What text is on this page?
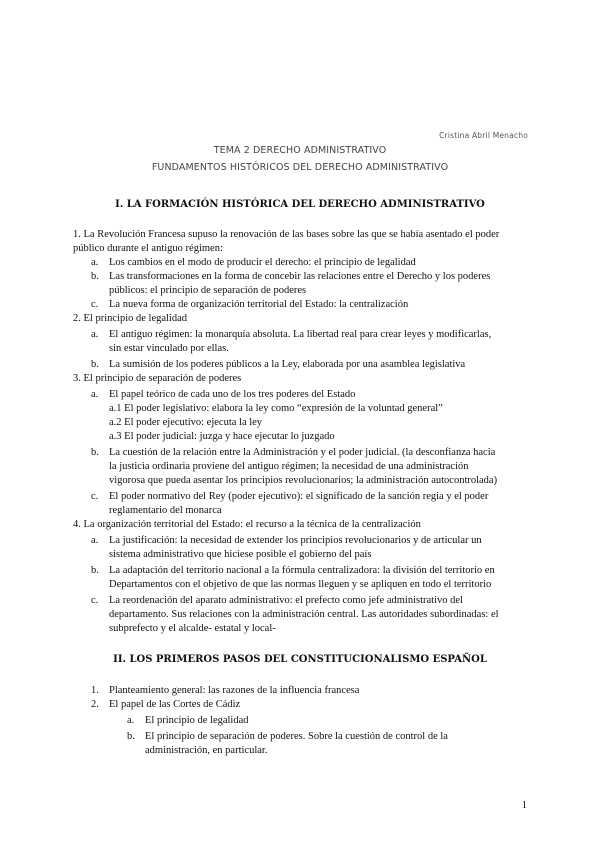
Cristina Abril Menacho
TEMA 2 DERECHO ADMINISTRATIVO
FUNDAMENTOS HISTÓRICOS DEL DERECHO ADMINISTRATIVO
I. LA FORMACIÓN HISTÓRICA DEL DERECHO ADMINISTRATIVO
1. La Revolución Francesa supuso la renovación de las bases sobre las que se había asentado el poder
público durante el antiguo régimen:
a. Los cambios en el modo de producir el derecho: el principio de legalidad
b. Las transformaciones en la forma de concebir las relaciones entre el Derecho y los poderes
públicos: el principio de separación de poderes
c. La nueva forma de organización territorial del Estado: la centralización
2. El principio de legalidad
a. El antiguo régimen: la monarquía absoluta. La libertad real para crear leyes y modificarlas,
sin estar vinculado por ellas.
b. La sumisión de los poderes públicos a la Ley, elaborada por una asamblea legislativa
3. El principio de separación de poderes
a. El papel teórico de cada uno de los tres poderes del Estado
a.1 El poder legislativo: elabora la ley como “expresión de la voluntad general”
a.2 El poder ejecutivo: ejecuta la ley
a.3 El poder judicial: juzga y hace ejecutar lo juzgado
b. La cuestión de la relación entre la Administración y el poder judicial. (la desconfianza hacia
la justicia ordinaria proviene del antiguo régimen; la necesidad de una administración
vigorosa que pueda asentar los principios revolucionarios; la administración autocontrolada)
c. El poder normativo del Rey (poder ejecutivo): el significado de la sanción regia y el poder
reglamentario del monarca
4. La organización territorial del Estado: el recurso a la técnica de la centralización
a. La justificación: la necesidad de extender los principios revolucionarios y de articular un
sistema administrativo que hiciese posible el gobierno del país
b. La adaptación del territorio nacional a la fórmula centralizadora: la división del territorio en
Departamentos con el objetivo de que las normas lleguen y se apliquen en todo el territorio
c. La reordenación del aparato administrativo: el prefecto como jefe administrativo del
departamento. Sus relaciones con la administración central. Las autoridades subordinadas: el
subprefecto y el alcalde- estatal y local-
II. LOS PRIMEROS PASOS DEL CONSTITUCIONALISMO ESPAÑOL
1. Planteamiento general: las razones de la influencia francesa
2. El papel de las Cortes de Cádiz
a. El principio de legalidad
b. El principio de separación de poderes. Sobre la cuestión de control de la
administración, en particular.
1
